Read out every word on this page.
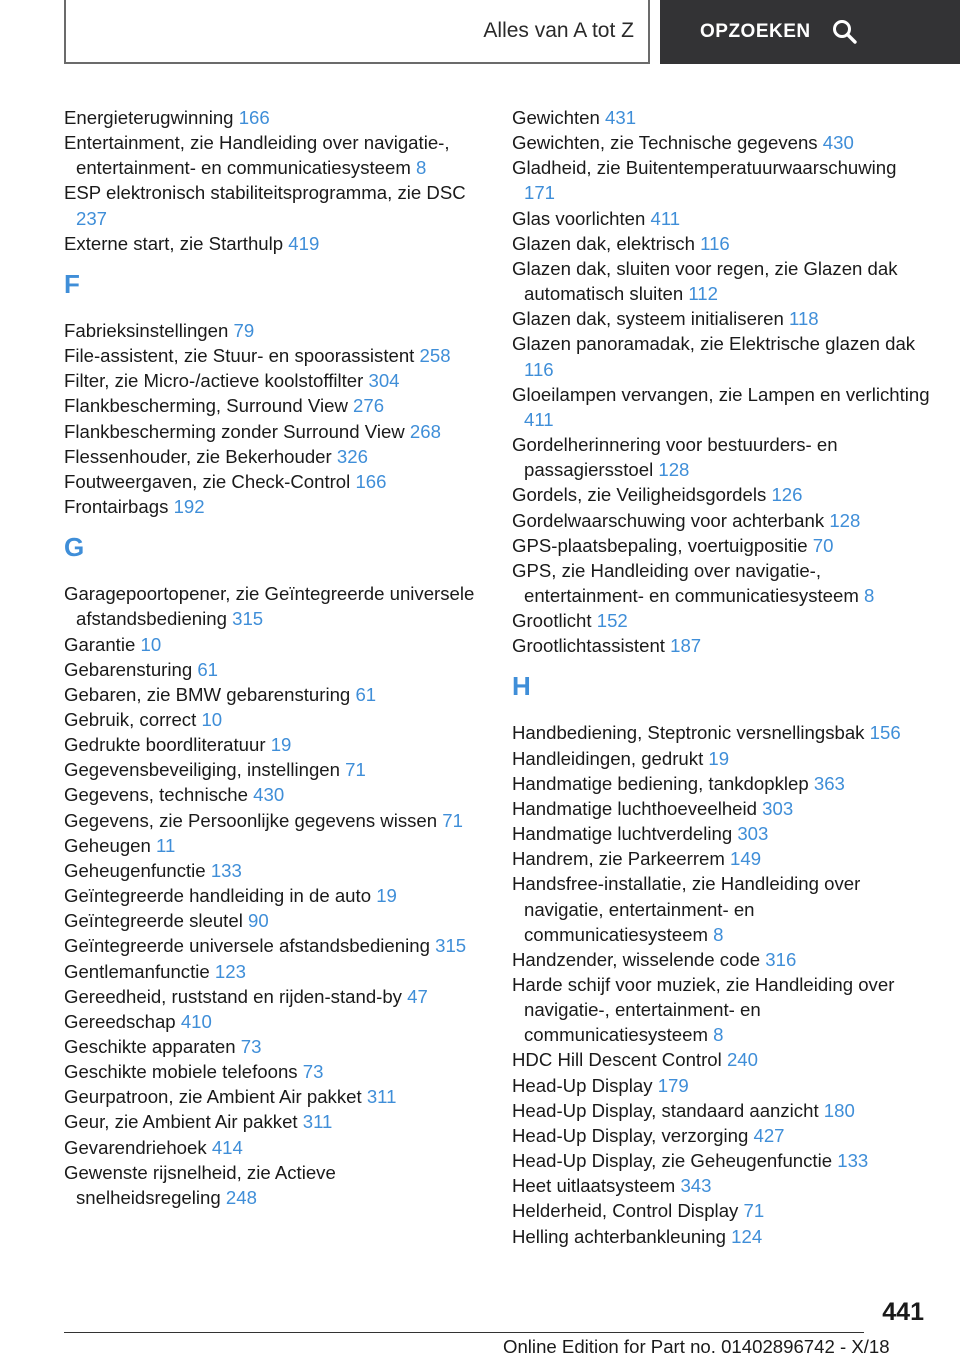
Alles van A tot Z	OPZOEKEN
Energieterugwinning 166
Entertainment, zie Handleiding over navigatie-, entertainment- en communicatiesysteem 8
ESP elektronisch stabiliteitsprogramma, zie DSC 237
Externe start, zie Starthulp 419
F
Fabrieksinstellingen 79
File-assistent, zie Stuur- en spoorassistent 258
Filter, zie Micro-/actieve koolstoffilter 304
Flankbescherming, Surround View 276
Flankbescherming zonder Surround View 268
Flessenhouder, zie Bekerhouder 326
Foutweergaven, zie Check-Control 166
Frontairbags 192
G
Garagepoortopener, zie Geïntegreerde universele afstandsbediening 315
Garantie 10
Gebarensturing 61
Gebaren, zie BMW gebarensturing 61
Gebruik, correct 10
Gedrukte boordliteratuur 19
Gegevensbeveiliging, instellingen 71
Gegevens, technische 430
Gegevens, zie Persoonlijke gegevens wissen 71
Geheugen 11
Geheugenfunctie 133
Geïntegreerde handleiding in de auto 19
Geïntegreerde sleutel 90
Geïntegreerde universele afstandsbediening 315
Gentlemanfunctie 123
Gereedheid, ruststand en rijden-stand-by 47
Gereedschap 410
Geschikte apparaten 73
Geschikte mobiele telefoons 73
Geurpatroon, zie Ambient Air pakket 311
Geur, zie Ambient Air pakket 311
Gevarendriehoek 414
Gewenste rijsnelheid, zie Actieve snelheidsregeling 248
Gewichten 431
Gewichten, zie Technische gegevens 430
Gladheid, zie Buitentemperatuurwaarschuwing 171
Glas voorlichten 411
Glazen dak, elektrisch 116
Glazen dak, sluiten voor regen, zie Glazen dak automatisch sluiten 112
Glazen dak, systeem initialiseren 118
Glazen panoramadak, zie Elektrische glazen dak 116
Gloeilampen vervangen, zie Lampen en verlichting 411
Gordelherinnering voor bestuurders- en passagiersstoel 128
Gordels, zie Veiligheidsgordels 126
Gordelwaarschuwing voor achterbank 128
GPS-plaatsbepaling, voertuigpositie 70
GPS, zie Handleiding over navigatie-, entertainment- en communicatiesysteem 8
Grootlicht 152
Grootlichtassistent 187
H
Handbediening, Steptronic versnellingsbak 156
Handleidingen, gedrukt 19
Handmatige bediening, tankdopklep 363
Handmatige luchthoeveelheid 303
Handmatige luchtverdeling 303
Handrem, zie Parkeerrem 149
Handsfree-installatie, zie Handleiding over navigatie, entertainment- en communicatiesysteem 8
Handzender, wisselende code 316
Harde schijf voor muziek, zie Handleiding over navigatie-, entertainment- en communicatiesysteem 8
HDC Hill Descent Control 240
Head-Up Display 179
Head-Up Display, standaard aanzicht 180
Head-Up Display, verzorging 427
Head-Up Display, zie Geheugenfunctie 133
Heet uitlaatsysteem 343
Helderheid, Control Display 71
Helling achterbankleuning 124
441
Online Edition for Part no. 01402896742 - X/18
